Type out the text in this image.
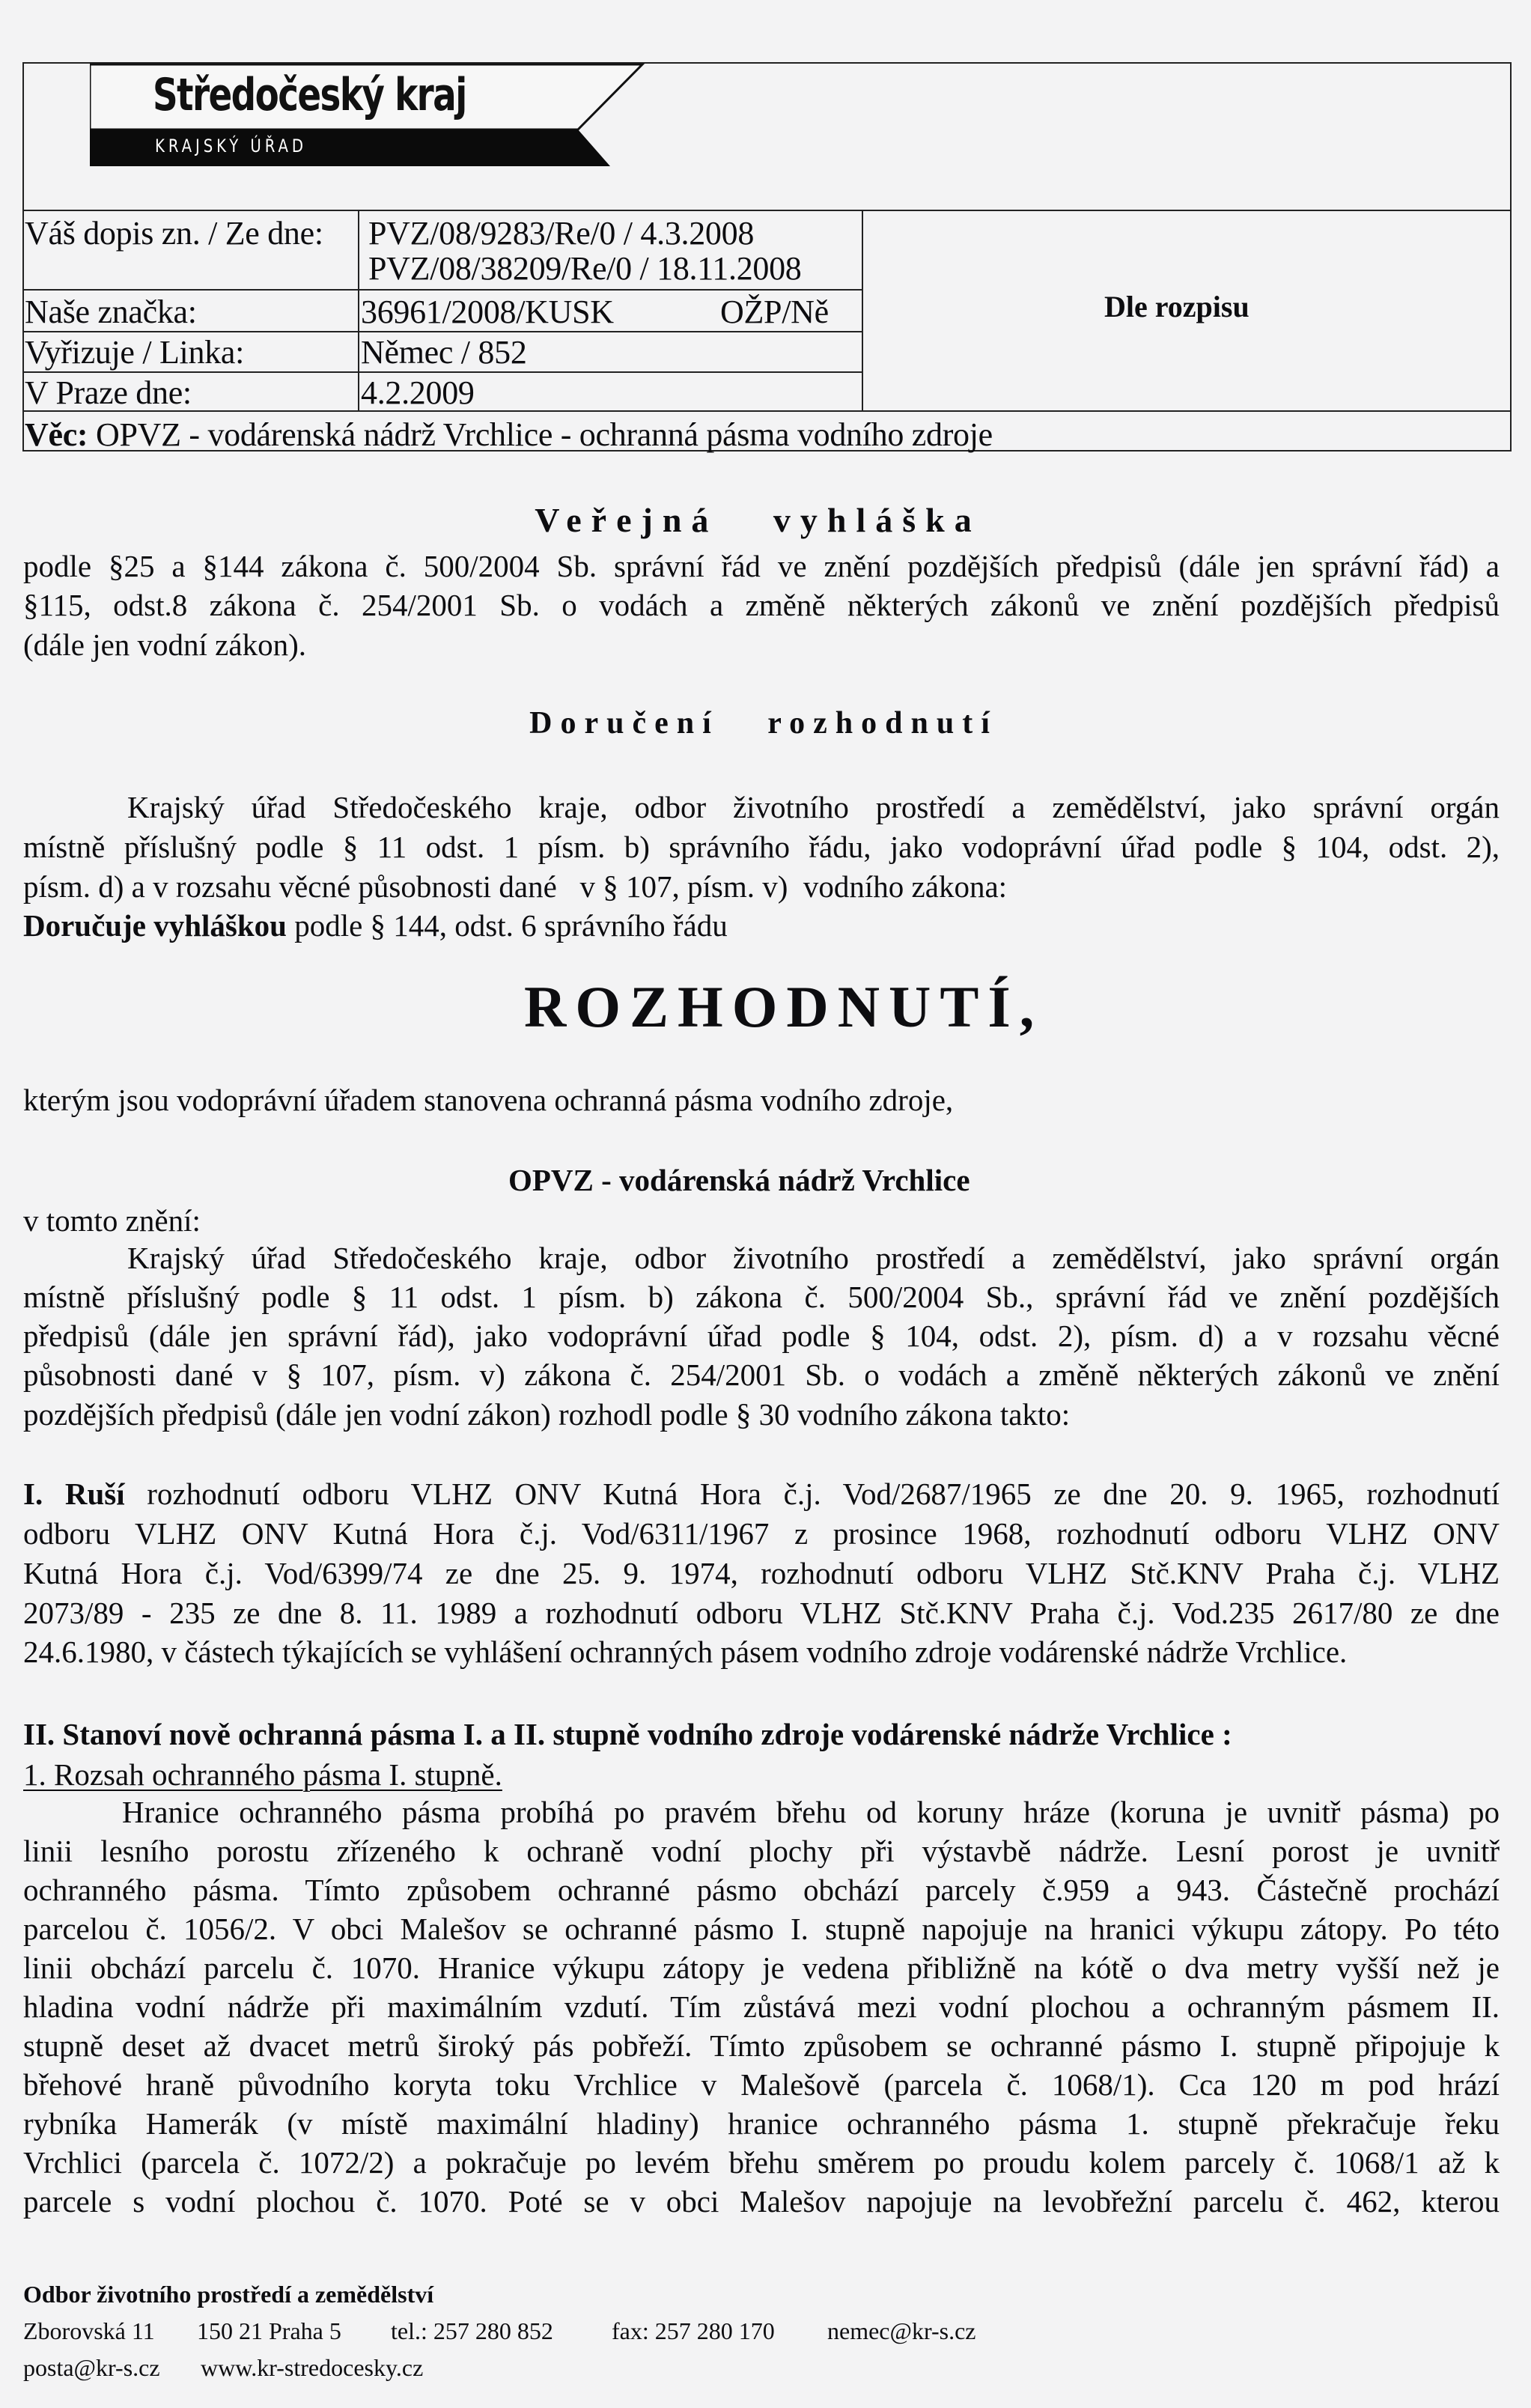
Středočeský kraj
KRAJSKÝ ÚŘAD
Váš dopis zn. / Ze dne: PVZ/08/9283/Re/0 / 4.3.2008
PVZ/08/38209/Re/0 / 18.11.2008
Naše značka:	36961/2008/KUSK	OŽP/Ně
Vyřizuje / Linka:	Němec / 852
V Praze dne:	4.2.2009
Dle rozpisu
Věc: OPVZ - vodárenská nádrž Vrchlice - ochranná pásma vodního zdroje
Veřejná   vyhláška
podle §25 a §144 zákona č. 500/2004 Sb. správní řád ve znění pozdějších předpisů (dále jen správní řád) a
§115, odst.8 zákona č. 254/2001 Sb. o vodách a změně některých zákonů ve znění pozdějších předpisů
(dále jen vodní zákon).
Doručení   rozhodnutí
Krajský úřad Středočeského kraje, odbor životního prostředí a zemědělství, jako správní orgán
místně příslušný podle § 11 odst. 1 písm. b) správního řádu, jako vodoprávní úřad podle § 104, odst. 2),
písm. d) a v rozsahu věcné působnosti dané   v § 107, písm. v)  vodního zákona:
Doručuje vyhláškou podle § 144, odst. 6 správního řádu
ROZHODNUTÍ,
kterým jsou vodoprávní úřadem stanovena ochranná pásma vodního zdroje,
OPVZ - vodárenská nádrž Vrchlice
v tomto znění:
Krajský úřad Středočeského kraje, odbor životního prostředí a zemědělství, jako správní orgán
místně příslušný podle § 11 odst. 1 písm. b) zákona č. 500/2004 Sb., správní řád ve znění pozdějších
předpisů (dále jen správní řád), jako vodoprávní úřad podle § 104, odst. 2), písm. d) a v rozsahu věcné
působnosti dané v § 107, písm. v) zákona č. 254/2001 Sb. o vodách a změně některých zákonů ve znění
pozdějších předpisů (dále jen vodní zákon) rozhodl podle § 30 vodního zákona takto:
I. Ruší rozhodnutí odboru VLHZ ONV Kutná Hora č.j. Vod/2687/1965 ze dne 20. 9. 1965, rozhodnutí
odboru VLHZ ONV Kutná Hora č.j. Vod/6311/1967 z prosince 1968, rozhodnutí odboru VLHZ ONV
Kutná Hora č.j. Vod/6399/74 ze dne 25. 9. 1974, rozhodnutí odboru VLHZ Stč.KNV Praha č.j. VLHZ
2073/89 - 235 ze dne 8. 11. 1989 a rozhodnutí odboru VLHZ Stč.KNV Praha č.j. Vod.235 2617/80 ze dne
24.6.1980, v částech týkajících se vyhlášení ochranných pásem vodního zdroje vodárenské nádrže Vrchlice.
II. Stanoví nově ochranná pásma I. a II. stupně vodního zdroje vodárenské nádrže Vrchlice :
1. Rozsah ochranného pásma I. stupně.
Hranice ochranného pásma probíhá po pravém břehu od koruny hráze (koruna je uvnitř pásma) po
linii lesního porostu zřízeného k ochraně vodní plochy při výstavbě nádrže. Lesní porost je uvnitř
ochranného pásma. Tímto způsobem ochranné pásmo obchází parcely č.959 a 943. Částečně prochází
parcelou č. 1056/2. V obci Malešov se ochranné pásmo I. stupně napojuje na hranici výkupu zátopy. Po této
linii obchází parcelu č. 1070. Hranice výkupu zátopy je vedena přibližně na kótě o dva metry vyšší než je
hladina vodní nádrže při maximálním vzdutí. Tím zůstává mezi vodní plochou a ochranným pásmem II.
stupně deset až dvacet metrů široký pás pobřeží. Tímto způsobem se ochranné pásmo I. stupně připojuje k
břehové hraně původního koryta toku Vrchlice v Malešově (parcela č. 1068/1). Cca 120 m pod hrází
rybníka Hamerák (v místě maximální hladiny) hranice ochranného pásma 1. stupně překračuje řeku
Vrchlici (parcela č. 1072/2) a pokračuje po levém břehu směrem po proudu kolem parcely č. 1068/1 až k
parcele s vodní plochou č. 1070. Poté se v obci Malešov napojuje na levobřežní parcelu č. 462, kterou
Odbor životního prostředí a zemědělství
Zborovská 11 150 21 Praha 5 tel.: 257 280 852 fax: 257 280 170 nemec@kr-s.cz
posta@kr-s.cz www.kr-stredocesky.cz
